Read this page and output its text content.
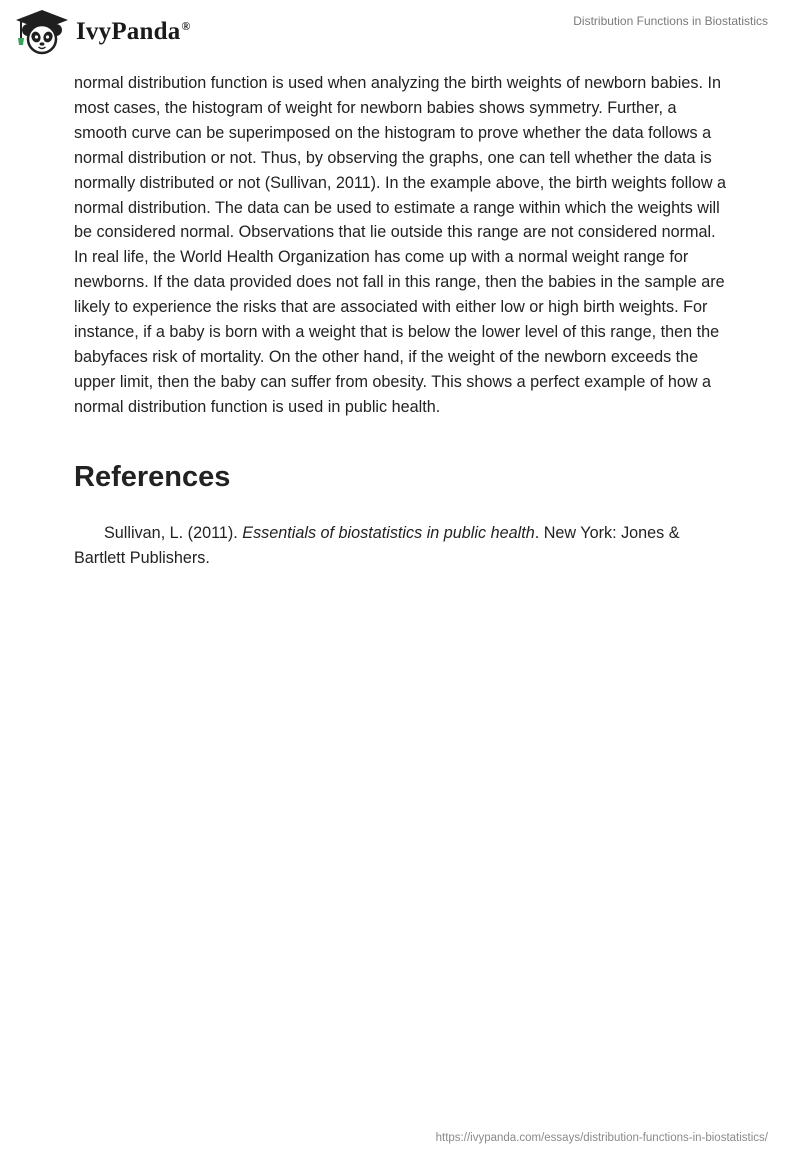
IvyPanda®	Distribution Functions in Biostatistics

normal distribution function is used when analyzing the birth weights of newborn babies. In most cases, the histogram of weight for newborn babies shows symmetry. Further, a smooth curve can be superimposed on the histogram to prove whether the data follows a normal distribution or not. Thus, by observing the graphs, one can tell whether the data is normally distributed or not (Sullivan, 2011). In the example above, the birth weights follow a normal distribution. The data can be used to estimate a range within which the weights will be considered normal. Observations that lie outside this range are not considered normal. In real life, the World Health Organization has come up with a normal weight range for newborns. If the data provided does not fall in this range, then the babies in the sample are likely to experience the risks that are associated with either low or high birth weights. For instance, if a baby is born with a weight that is below the lower level of this range, then the babyfaces risk of mortality. On the other hand, if the weight of the newborn exceeds the upper limit, then the baby can suffer from obesity. This shows a perfect example of how a normal distribution function is used in public health.

References

Sullivan, L. (2011). Essentials of biostatistics in public health. New York: Jones & Bartlett Publishers.

https://ivypanda.com/essays/distribution-functions-in-biostatistics/
